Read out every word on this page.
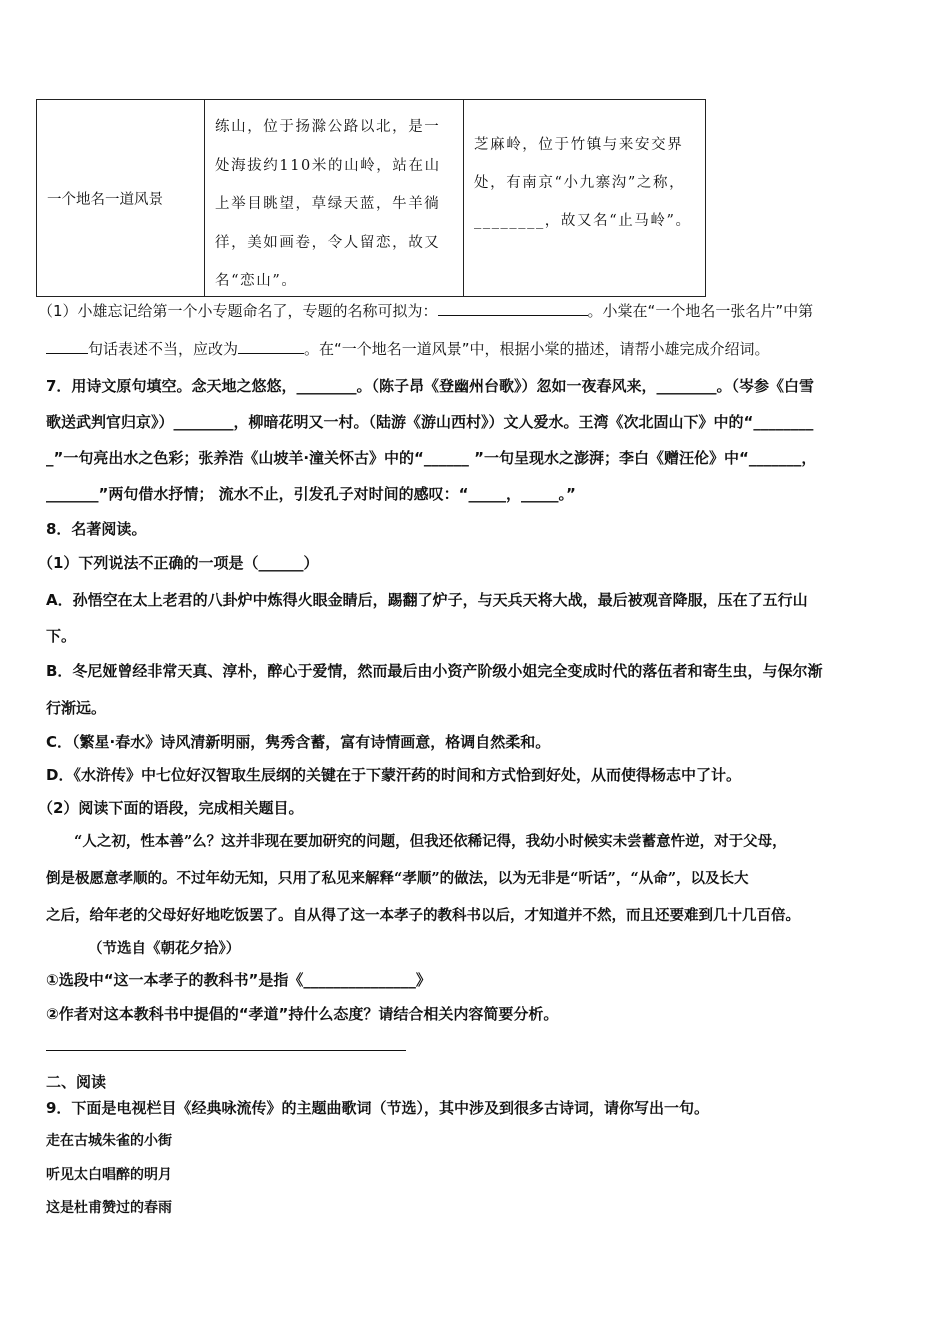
一个地名一道风景
练山，位于扬滁公路以北，是一处海拔约110米的山岭，站在山上举目眺望，草绿天蓝，牛羊徜徉，美如画卷，令人留恋，故又名“恋山”。
芝麻岭，位于竹镇与来安交界处，有南京“小九寨沟”之称，________，故又名“止马岭”。
（1）小雄忘记给第一个小专题命名了，专题的名称可拟为：	。小棠在“一个地名一张名片”中第
句话表述不当，应改为	。在“一个地名一道风景”中，根据小棠的描述，请帮小雄完成介绍词。
7．用诗文原句填空。念天地之悠悠，________。（陈子昂《登幽州台歌》）忽如一夜春风来，________。（岑参《白雪
歌送武判官归京》）________，柳暗花明又一村。（陆游《游山西村》）文人爱水。王湾《次北固山下》中的“________
_”一句亮出水之色彩；张养浩《山坡羊·潼关怀古》中的“______ ”一句呈现水之澎湃；李白《赠汪伦》中“_______，
_______”两句借水抒情； 流水不止，引发孔子对时间的感叹：“_____，_____。”
8．名著阅读。
（1）下列说法不正确的一项是（______）
A．孙悟空在太上老君的八卦炉中炼得火眼金睛后，踢翻了炉子，与天兵天将大战，最后被观音降服，压在了五行山
下。
B．冬尼娅曾经非常天真、淳朴，醉心于爱情，然而最后由小资产阶级小姐完全变成时代的落伍者和寄生虫，与保尔渐
行渐远。
C．（繁星·春水》诗风清新明丽，隽秀含蓄，富有诗情画意，格调自然柔和。
D．《水浒传》中七位好汉智取生辰纲的关键在于下蒙汗药的时间和方式恰到好处，从而使得杨志中了计。
（2）阅读下面的语段，完成相关题目。
“人之初，性本善”么？这并非现在要加研究的问题，但我还依稀记得，我幼小时候实未尝蓄意忤逆，对于父母，
倒是极愿意孝顺的。不过年幼无知，只用了私见来解释“孝顺”的做法，以为无非是“听话”，“从命”，以及长大
之后，给年老的父母好好地吃饭罢了。自从得了这一本孝子的教科书以后，才知道并不然，而且还要难到几十几百倍。
（节选自《朝花夕拾》）
①选段中“这一本孝子的教科书”是指《_______________》
②作者对这本教科书中提倡的“孝道”持什么态度？请结合相关内容简要分析。
二、阅读
9．下面是电视栏目《经典咏流传》的主题曲歌词（节选），其中涉及到很多古诗词，请你写出一句。
走在古城朱雀的小街
听见太白唱醉的明月
这是杜甫赞过的春雨
